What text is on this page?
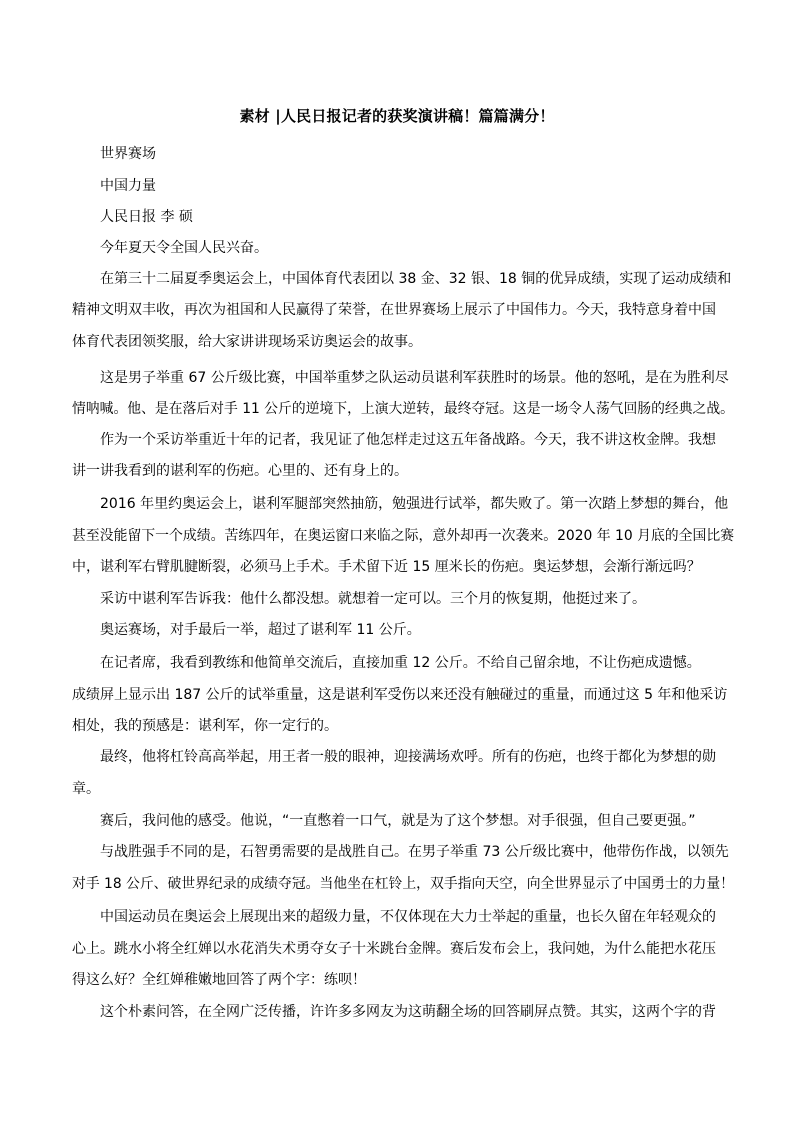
素材 |人民日报记者的获奖演讲稿！篇篇满分！
世界赛场
中国力量
人民日报 李 硕
今年夏天令全国人民兴奋。
在第三十二届夏季奥运会上，中国体育代表团以 38 金、32 银、18 铜的优异成绩，实现了运动成绩和
精神文明双丰收，再次为祖国和人民赢得了荣誉，在世界赛场上展示了中国伟力。今天，我特意身着中国
体育代表团领奖服，给大家讲讲现场采访奥运会的故事。
这是男子举重 67 公斤级比赛，中国举重梦之队运动员谌利军获胜时的场景。他的怒吼，是在为胜利尽
情呐喊。他、是在落后对手 11 公斤的逆境下，上演大逆转，最终夺冠。这是一场令人荡气回肠的经典之战。
作为一个采访举重近十年的记者，我见证了他怎样走过这五年备战路。今天，我不讲这枚金牌。我想
讲一讲我看到的谌利军的伤疤。心里的、还有身上的。
2016 年里约奥运会上，谌利军腿部突然抽筋，勉强进行试举，都失败了。第一次踏上梦想的舞台，他
甚至没能留下一个成绩。苦练四年，在奥运窗口来临之际，意外却再一次袭来。2020 年 10 月底的全国比赛
中，谌利军右臂肌腱断裂，必须马上手术。手术留下近 15 厘米长的伤疤。奥运梦想，会渐行渐远吗？
采访中谌利军告诉我：他什么都没想。就想着一定可以。三个月的恢复期，他挺过来了。
奥运赛场，对手最后一举，超过了谌利军 11 公斤。
在记者席，我看到教练和他简单交流后，直接加重 12 公斤。不给自己留余地，不让伤疤成遗憾。
成绩屏上显示出 187 公斤的试举重量，这是谌利军受伤以来还没有触碰过的重量，而通过这 5 年和他采访
相处，我的预感是：谌利军，你一定行的。
最终，他将杠铃高高举起，用王者一般的眼神，迎接满场欢呼。所有的伤疤，也终于都化为梦想的勋
章。
赛后，我问他的感受。他说，“一直憋着一口气，就是为了这个梦想。对手很强，但自己要更强。”
与战胜强手不同的是，石智勇需要的是战胜自己。在男子举重 73 公斤级比赛中，他带伤作战，以领先
对手 18 公斤、破世界纪录的成绩夺冠。当他坐在杠铃上，双手指向天空，向全世界显示了中国勇士的力量！
中国运动员在奥运会上展现出来的超级力量，不仅体现在大力士举起的重量，也长久留在年轻观众的
心上。跳水小将全红婵以水花消失术勇夺女子十米跳台金牌。赛后发布会上，我问她，为什么能把水花压
得这么好？全红婵稚嫩地回答了两个字：练呗！
这个朴素问答，在全网广泛传播，许许多多网友为这萌翻全场的回答刷屏点赞。其实，这两个字的背
